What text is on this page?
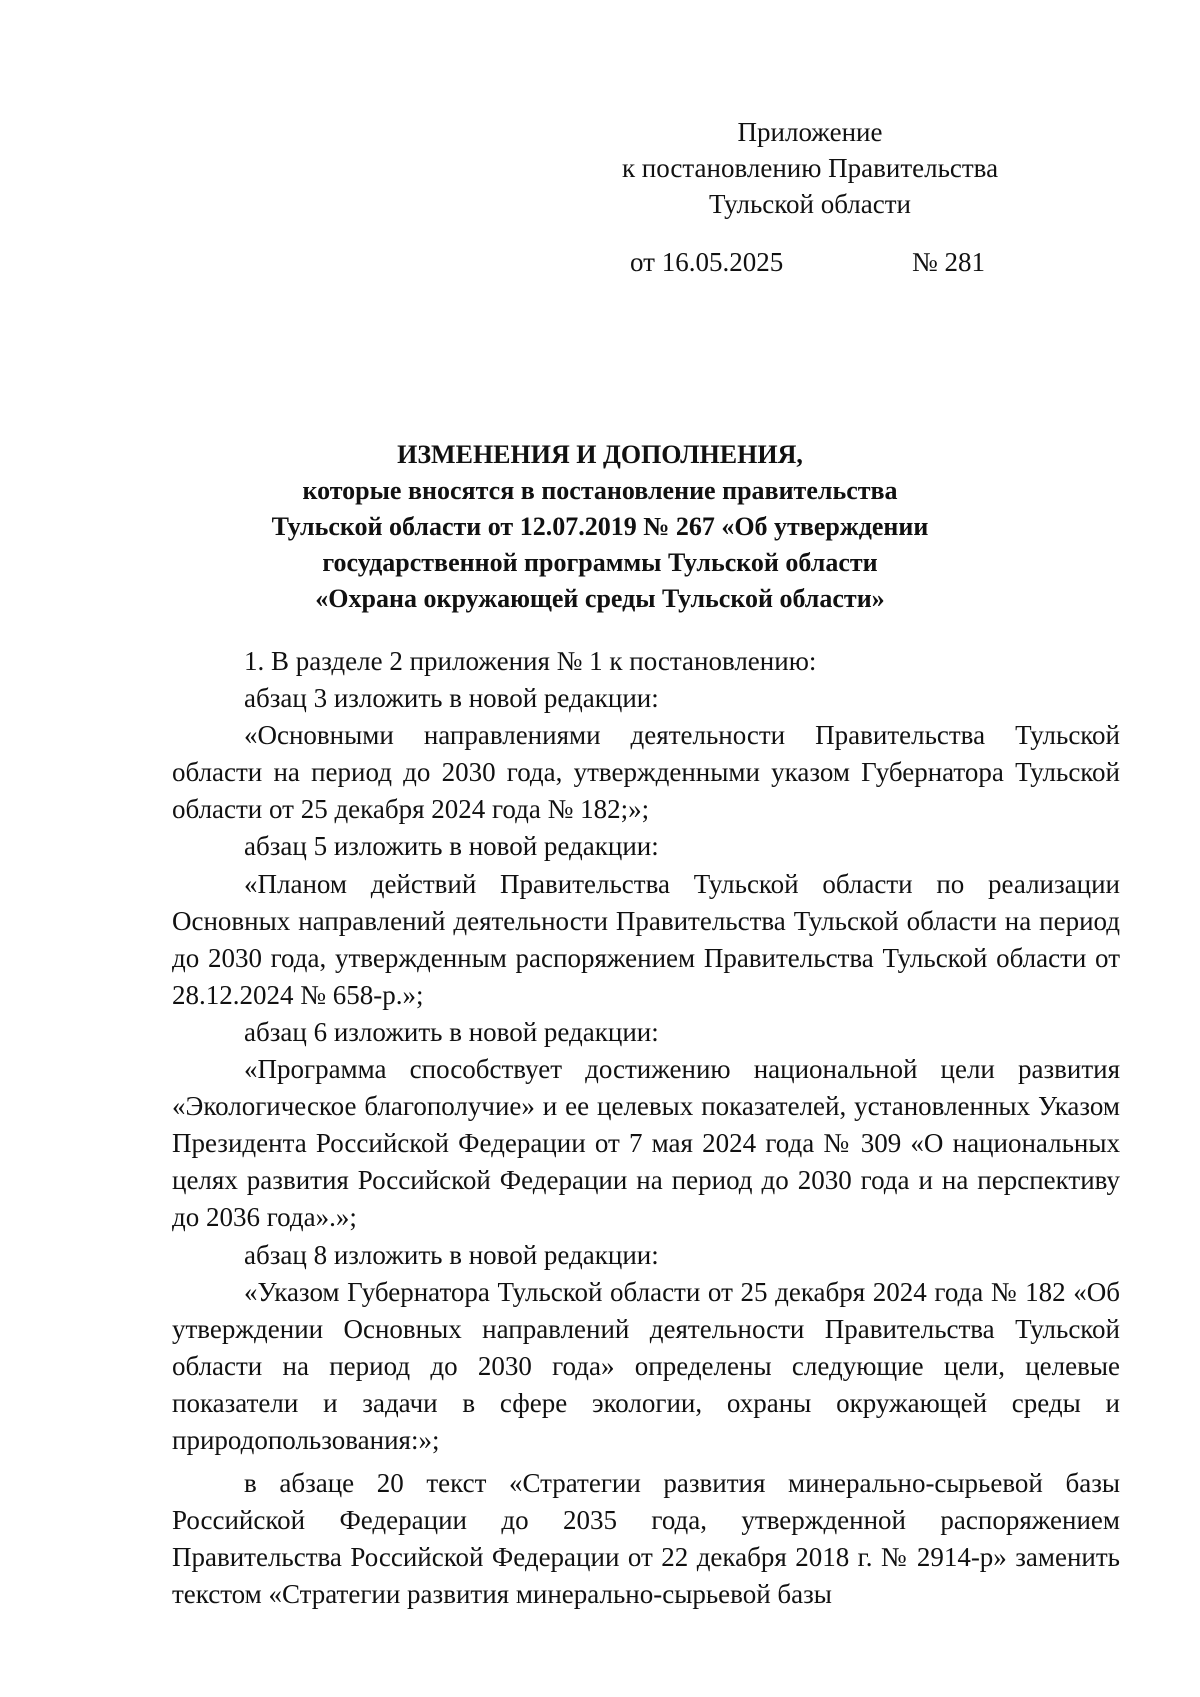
Приложение
к постановлению Правительства
Тульской области
от 16.05.2025	№ 281
ИЗМЕНЕНИЯ И ДОПОЛНЕНИЯ,
которые вносятся в постановление правительства
Тульской области от 12.07.2019 № 267 «Об утверждении
государственной программы Тульской области
«Охрана окружающей среды Тульской области»

1. В разделе 2 приложения № 1 к постановлению:

абзац 3 изложить в новой редакции:

«Основными направлениями деятельности Правительства Тульской области на период до 2030 года, утвержденными указом Губернатора Тульской области от 25 декабря 2024 года № 182;»;

абзац 5 изложить в новой редакции:

«Планом действий Правительства Тульской области по реализации Основных направлений деятельности Правительства Тульской области на период до 2030 года, утвержденным распоряжением Правительства Тульской области от 28.12.2024 № 658-р.»;

абзац 6 изложить в новой редакции:

«Программа способствует достижению национальной цели развития «Экологическое благополучие» и ее целевых показателей, установленных Указом Президента Российской Федерации от 7 мая 2024 года № 309 «О национальных целях развития Российской Федерации на период до 2030 года и на перспективу до 2036 года».»;

абзац 8 изложить в новой редакции:

«Указом Губернатора Тульской области от 25 декабря 2024 года № 182 «Об утверждении Основных направлений деятельности Правительства Тульской области на период до 2030 года» определены следующие цели, целевые показатели и задачи в сфере экологии, охраны окружающей среды и природопользования:»;

в абзаце 20 текст «Стратегии развития минерально-сырьевой базы Российской Федерации до 2035 года, утвержденной распоряжением Правительства Российской Федерации от 22 декабря 2018 г. № 2914-р» заменить текстом «Стратегии развития минерально-сырьевой базы
